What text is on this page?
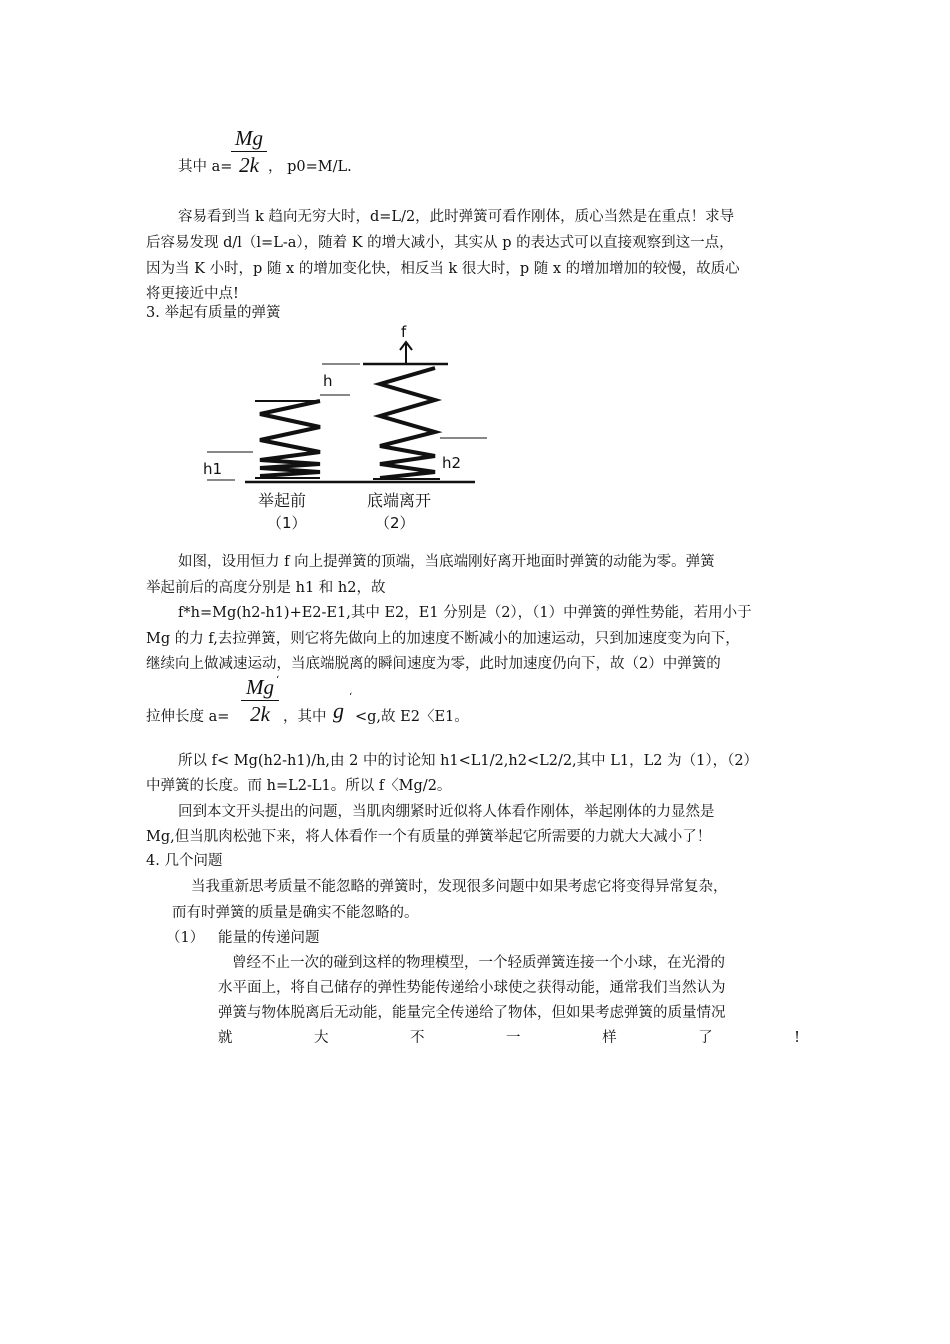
Mg
2k
其中 a= ， p0=M/L.
容易看到当 k 趋向无穷大时，d=L/2，此时弹簧可看作刚体，质心当然是在重点！求导
后容易发现 d/l（l=L-a），随着 K 的增大减小，其实从 p 的表达式可以直接观察到这一点，
因为当 K 小时，p 随 x 的增加变化快，相反当 k 很大时，p 随 x 的增加增加的较慢，故质心
将更接近中点!
3. 举起有质量的弹簧
f
h
h1	h2
举起前	底端离开
（1）	（2）
如图，设用恒力 f 向上提弹簧的顶端，当底端刚好离开地面时弹簧的动能为零。弹簧
举起前后的高度分别是 h1 和 h2，故
f*h=Mg(h2-h1)+E2-E1,其中 E2，E1 分别是（2），（1）中弹簧的弹性势能，若用小于
Mg 的力 f,去拉弹簧，则它将先做向上的加速度不断减小的加速运动，只到加速度变为向下，
继续向上做减速运动，当底端脱离的瞬间速度为零，此时加速度仍向下，故（2）中弹簧的
Mg
2k
‘
拉伸长度 a=	，其中 g
‘
<g,故 E2〈E1。
所以 f< Mg(h2-h1)/h,由 2 中的讨论知 h1<L1/2,h2<L2/2,其中 L1，L2 为（1），（2）
中弹簧的长度。而 h=L2-L1。所以 f〈Mg/2。
回到本文开头提出的问题，当肌肉绷紧时近似将人体看作刚体，举起刚体的力显然是
Mg,但当肌肉松弛下来，将人体看作一个有质量的弹簧举起它所需要的力就大大减小了！
4. 几个问题
当我重新思考质量不能忽略的弹簧时，发现很多问题中如果考虑它将变得异常复杂，
而有时弹簧的质量是确实不能忽略的。
（1） 能量的传递问题
曾经不止一次的碰到这样的物理模型，一个轻质弹簧连接一个小球，在光滑的
水平面上，将自己储存的弹性势能传递给小球使之获得动能，通常我们当然认为
弹簧与物体脱离后无动能，能量完全传递给了物体，但如果考虑弹簧的质量情况
就	大	不	一	样	了	!
